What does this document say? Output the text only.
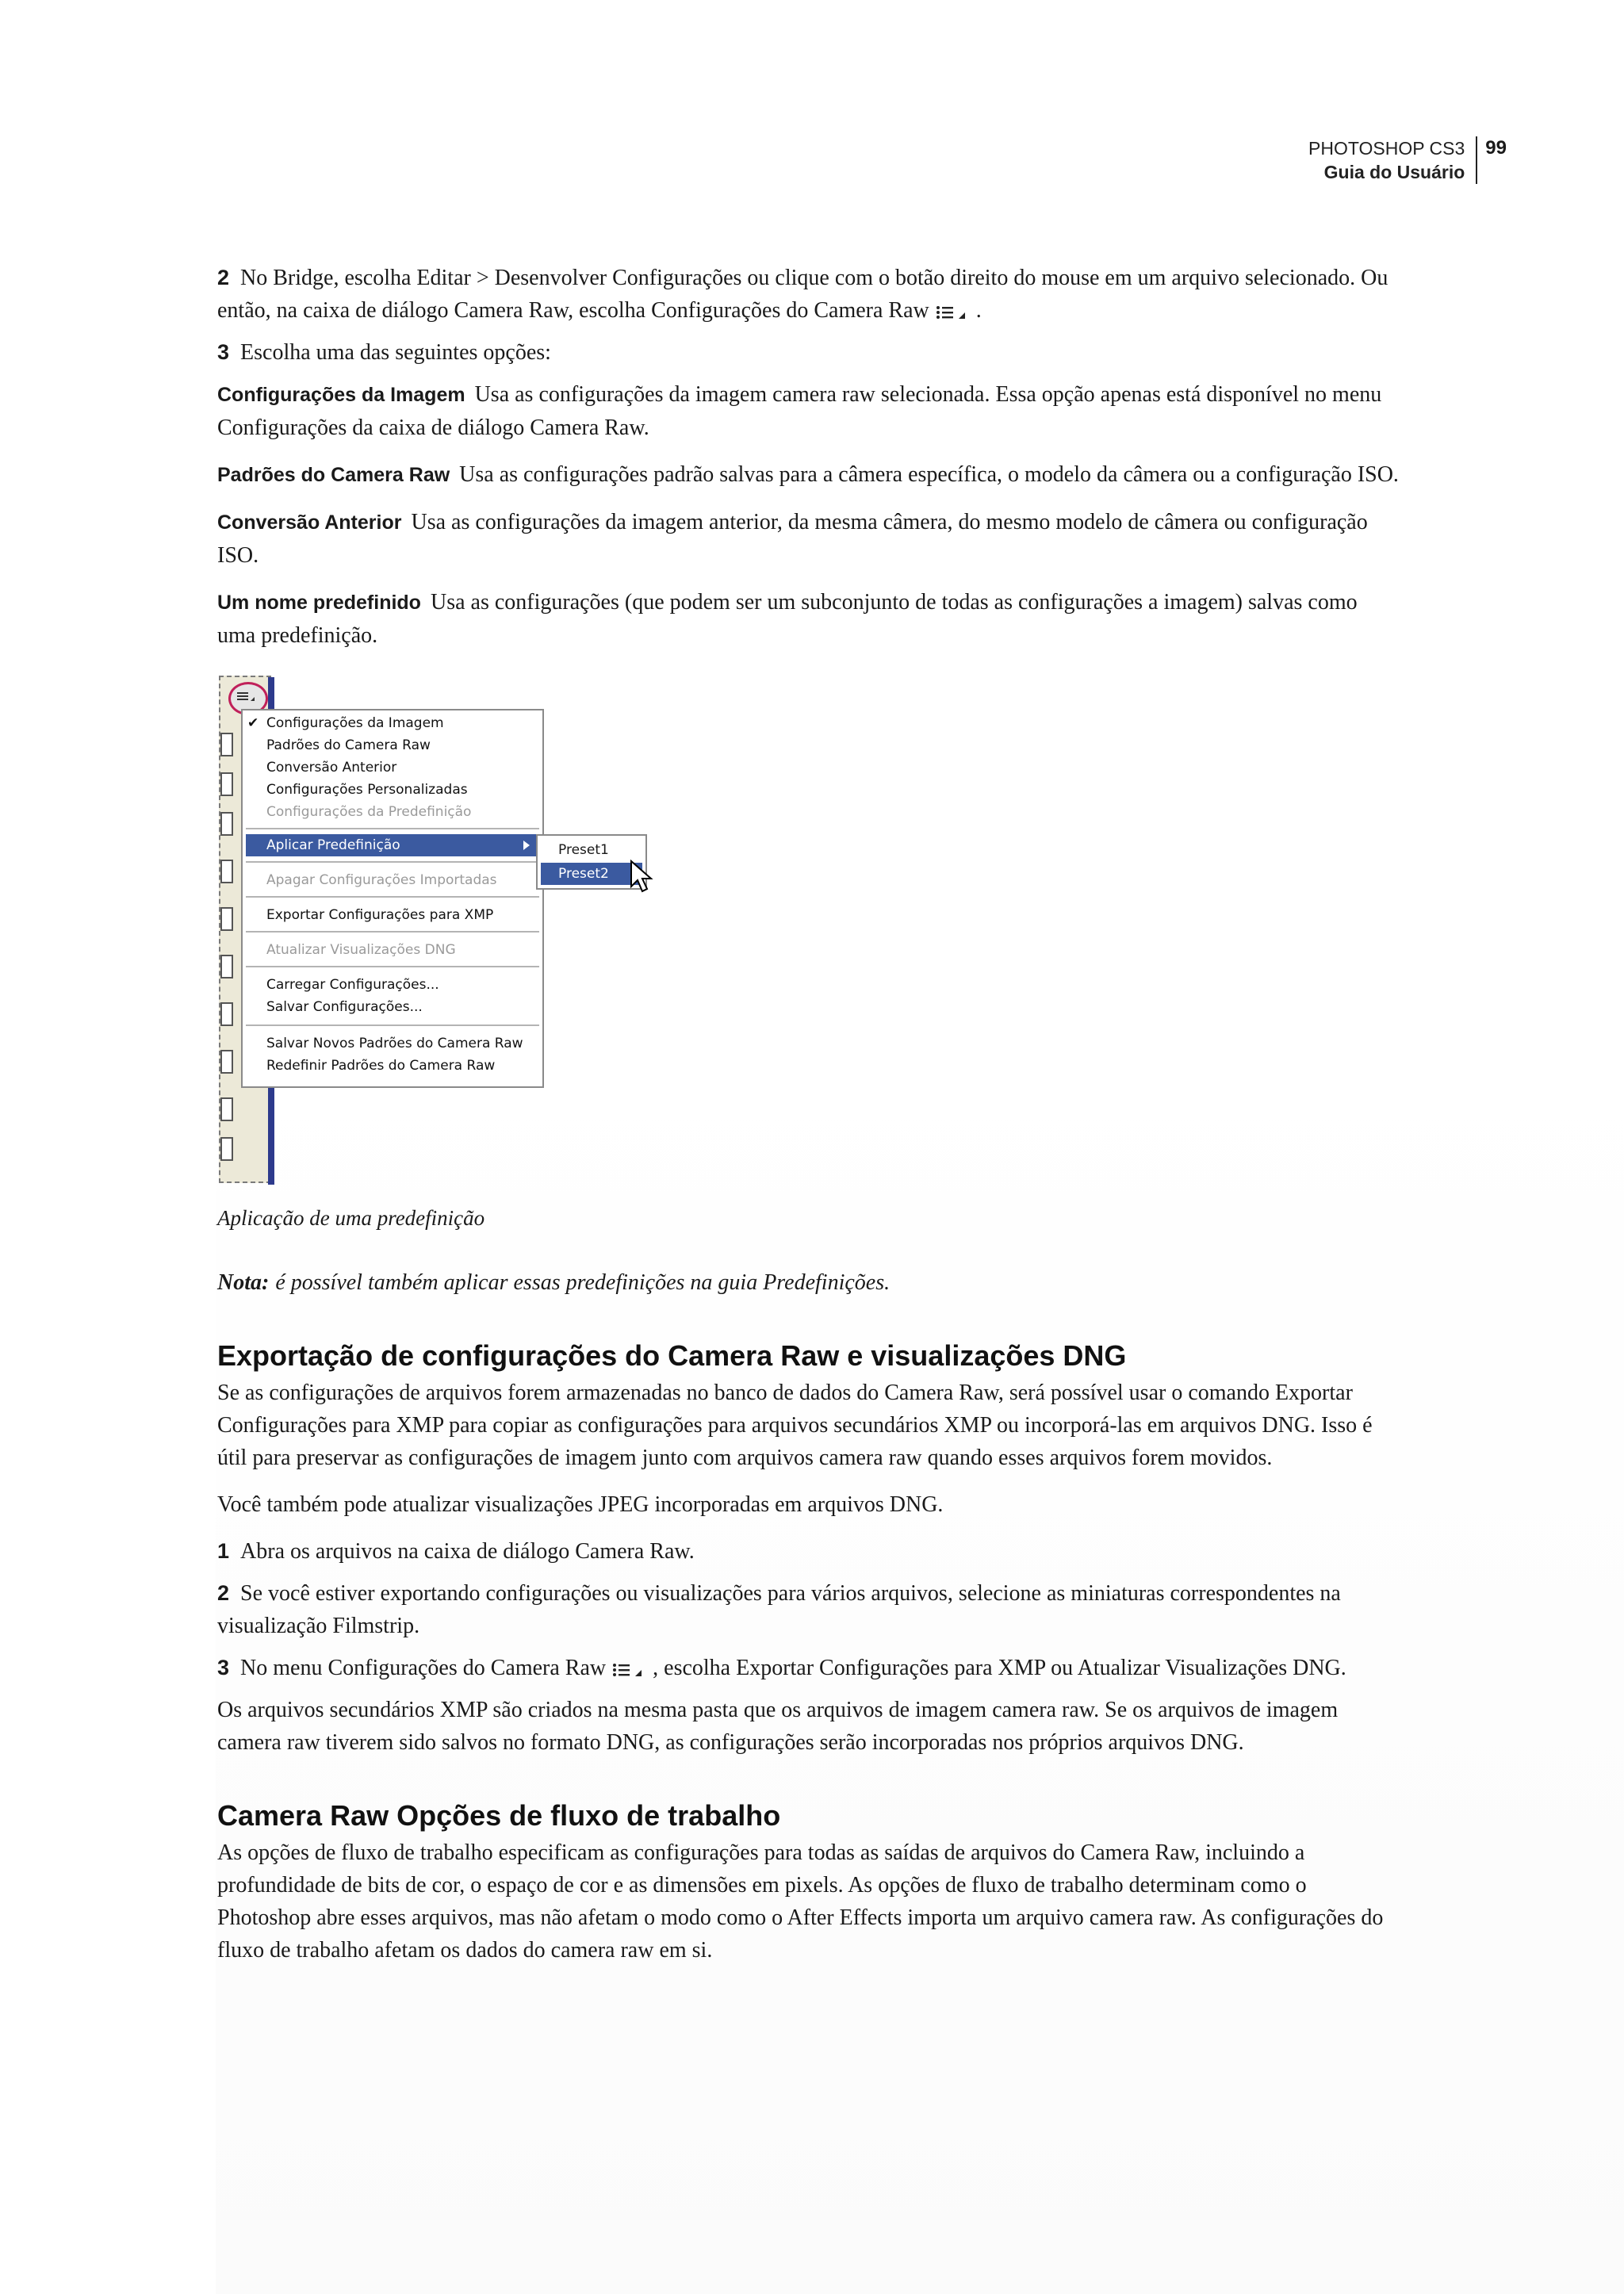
PHOTOSHOP CS3
Guia do Usuário
99

2 No Bridge, escolha Editar > Desenvolver Configurações ou clique com o botão direito do mouse em um arquivo selecionado. Ou então, na caixa de diálogo Camera Raw, escolha Configurações do Camera Raw .

3 Escolha uma das seguintes opções:

Configurações da Imagem Usa as configurações da imagem camera raw selecionada. Essa opção apenas está disponível no menu Configurações da caixa de diálogo Camera Raw.

Padrões do Camera Raw Usa as configurações padrão salvas para a câmera específica, o modelo da câmera ou a configuração ISO.

Conversão Anterior Usa as configurações da imagem anterior, da mesma câmera, do mesmo modelo de câmera ou configuração ISO.

Um nome predefinido Usa as configurações (que podem ser um subconjunto de todas as configurações a imagem) salvas como uma predefinição.

✔ Configurações da Imagem
Padrões do Camera Raw
Conversão Anterior
Configurações Personalizadas
Configurações da Predefinição
Aplicar Predefinição
Apagar Configurações Importadas
Exportar Configurações para XMP
Atualizar Visualizações DNG
Carregar Configurações...
Salvar Configurações...
Salvar Novos Padrões do Camera Raw
Redefinir Padrões do Camera Raw
Preset1
Preset2

Aplicação de uma predefinição

Nota: é possível também aplicar essas predefinições na guia Predefinições.

Exportação de configurações do Camera Raw e visualizações DNG

Se as configurações de arquivos forem armazenadas no banco de dados do Camera Raw, será possível usar o comando Exportar Configurações para XMP para copiar as configurações para arquivos secundários XMP ou incorporá-las em arquivos DNG. Isso é útil para preservar as configurações de imagem junto com arquivos camera raw quando esses arquivos forem movidos.

Você também pode atualizar visualizações JPEG incorporadas em arquivos DNG.

1 Abra os arquivos na caixa de diálogo Camera Raw.

2 Se você estiver exportando configurações ou visualizações para vários arquivos, selecione as miniaturas correspondentes na visualização Filmstrip.

3 No menu Configurações do Camera Raw , escolha Exportar Configurações para XMP ou Atualizar Visualizações DNG.

Os arquivos secundários XMP são criados na mesma pasta que os arquivos de imagem camera raw. Se os arquivos de imagem camera raw tiverem sido salvos no formato DNG, as configurações serão incorporadas nos próprios arquivos DNG.

Camera Raw Opções de fluxo de trabalho

As opções de fluxo de trabalho especificam as configurações para todas as saídas de arquivos do Camera Raw, incluindo a profundidade de bits de cor, o espaço de cor e as dimensões em pixels. As opções de fluxo de trabalho determinam como o Photoshop abre esses arquivos, mas não afetam o modo como o After Effects importa um arquivo camera raw. As configurações do fluxo de trabalho afetam os dados do camera raw em si.
